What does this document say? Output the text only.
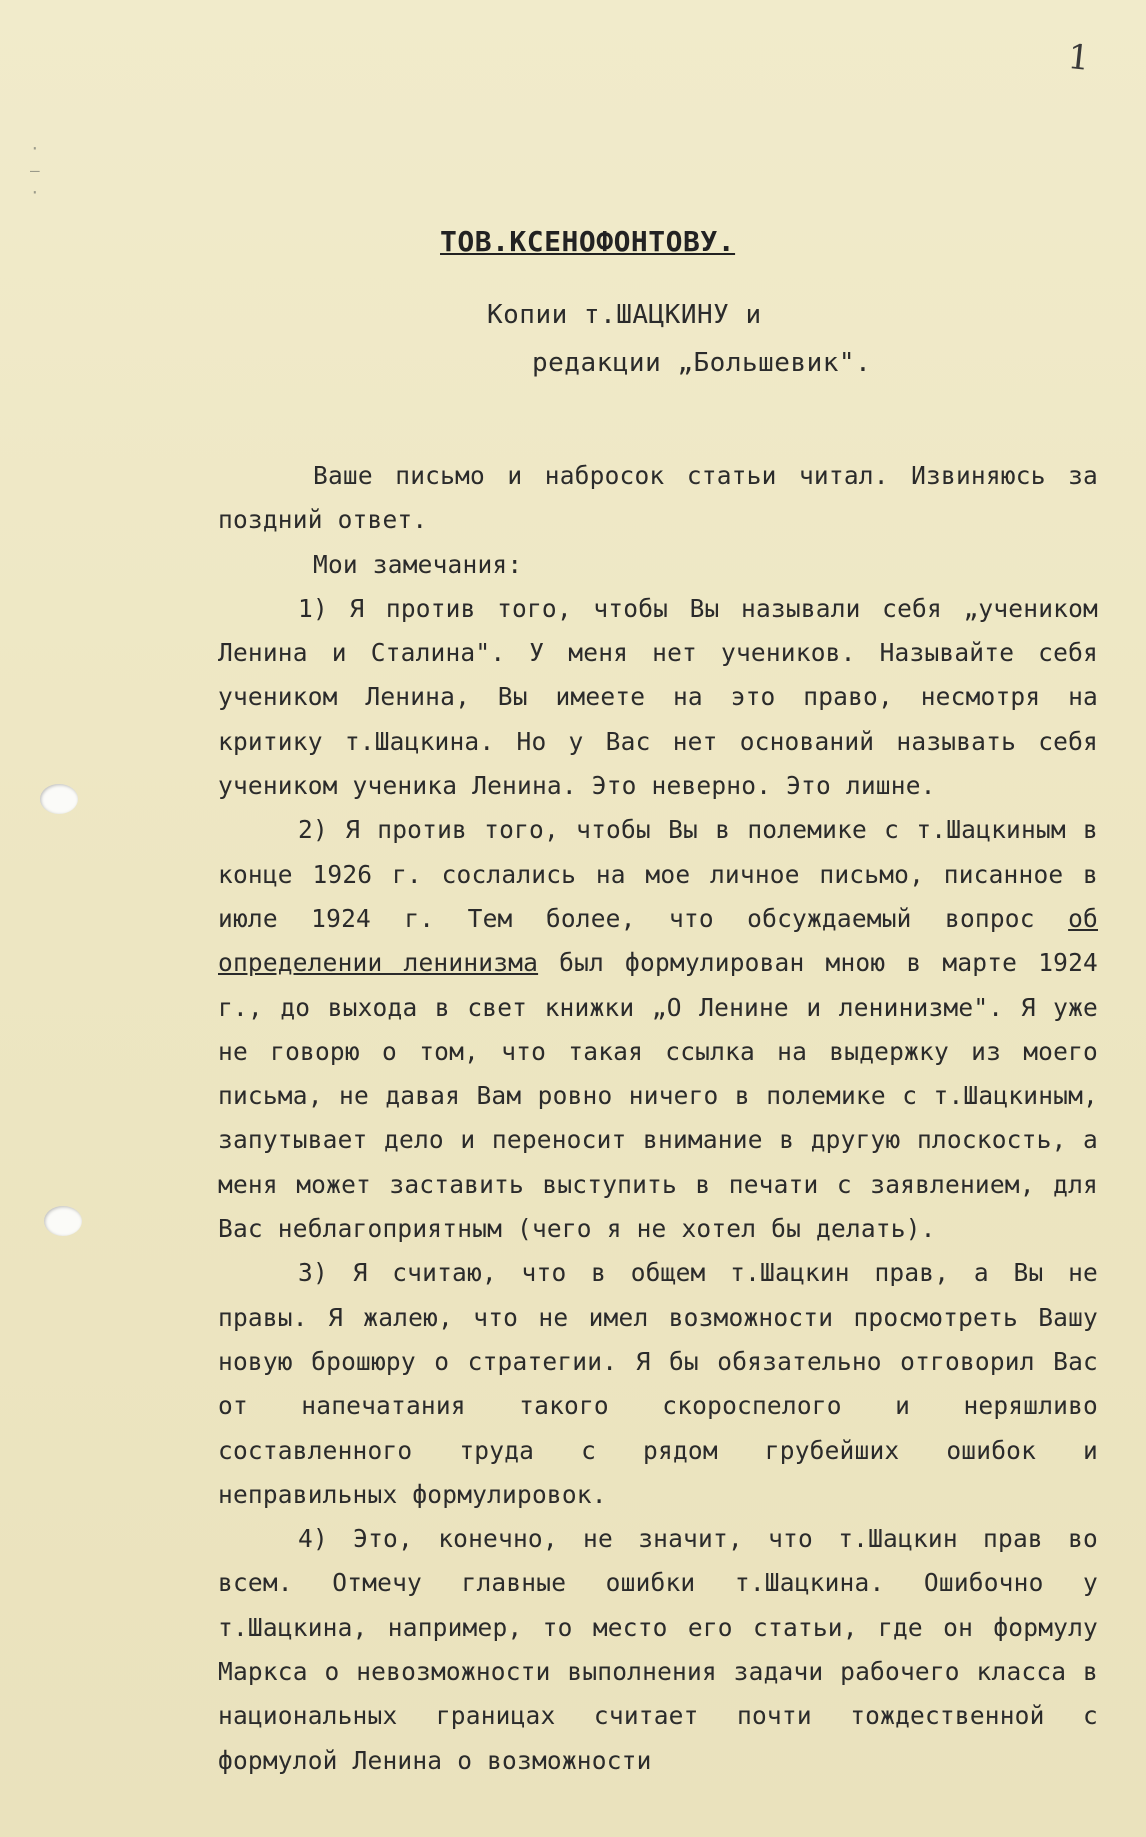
1
· — ·
ТОВ.КСЕНОФОНТОВУ.
Копии т.ШАЦКИНУ и
редакции „Большевик".

Ваше письмо и набросок статьи читал. Извиняюсь за поздний ответ.

Мои замечания:

1) Я против того, чтобы Вы называли себя „учеником Ленина и Сталина". У меня нет учеников. Называйте себя учеником Ленина, Вы имеете на это право, несмотря на критику т.Шацкина. Но у Вас нет оснований называть себя учеником ученика Ленина. Это неверно. Это лишне.

2) Я против того, чтобы Вы в полемике с т.Шацкиным в конце 1926 г. сослались на мое личное письмо, писанное в июле 1924 г. Тем более, что обсуждаемый вопрос об определении ленинизма был формулирован мною в марте 1924 г., до выхода в свет книжки „О Ленине и ленинизме". Я уже не говорю о том, что такая ссылка на выдержку из моего письма, не давая Вам ровно ничего в полемике с т.Шацкиным, запутывает дело и переносит внимание в другую плоскость, а меня может заставить выступить в печати с заявлением, для Вас неблагоприятным (чего я не хотел бы делать).

3) Я считаю, что в общем т.Шацкин прав, а Вы не правы. Я жалею, что не имел возможности просмотреть Вашу новую брошюру о стратегии. Я бы обязательно отговорил Вас от напечатания такого скороспелого и неряшливо составленного труда с рядом грубейших ошибок и неправильных формулировок.

4) Это, конечно, не значит, что т.Шацкин прав во всем. Отмечу главные ошибки т.Шацкина. Ошибочно у т.Шацкина, например, то место его статьи, где он формулу Маркса о невозможности выполнения задачи рабочего класса в национальных границах считает почти тождественной с формулой Ленина о возможности
